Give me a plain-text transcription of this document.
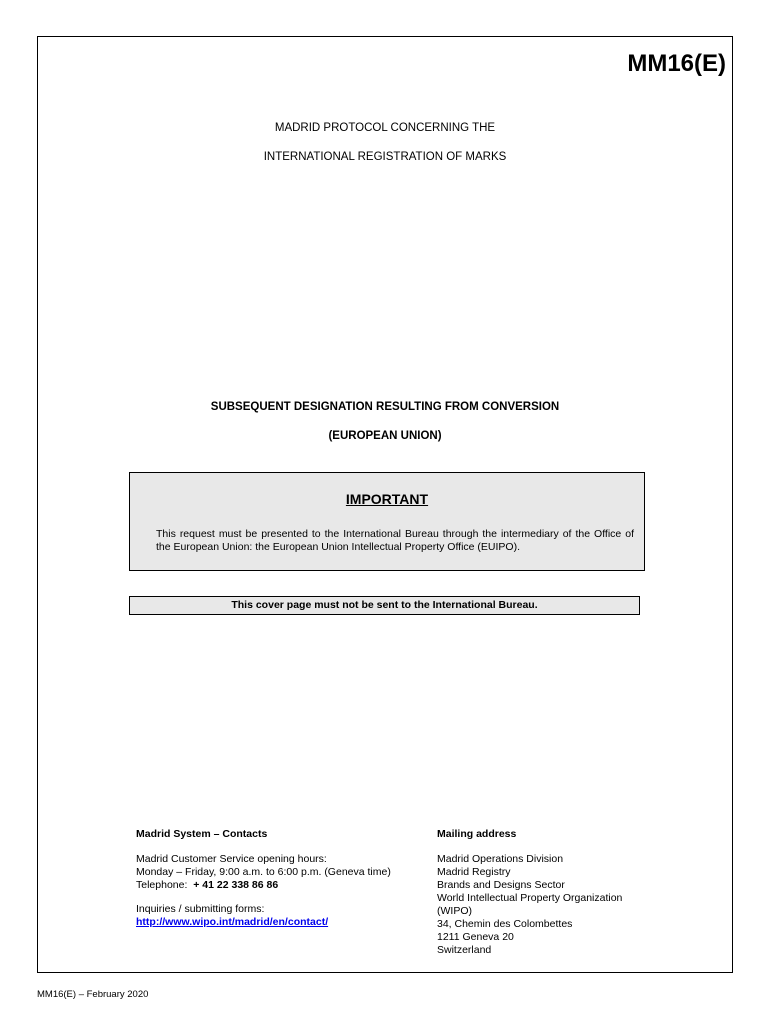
MM16(E)
MADRID PROTOCOL CONCERNING THE
INTERNATIONAL REGISTRATION OF MARKS
SUBSEQUENT DESIGNATION RESULTING FROM CONVERSION
(EUROPEAN UNION)
IMPORTANT
This request must be presented to the International Bureau through the intermediary of the Office of the European Union: the European Union Intellectual Property Office (EUIPO).
This cover page must not be sent to the International Bureau.
Madrid System – Contacts
Madrid Customer Service opening hours:
Monday – Friday, 9:00 a.m. to 6:00 p.m. (Geneva time)
Telephone: + 41 22 338 86 86
Inquiries / submitting forms:
http://www.wipo.int/madrid/en/contact/
Mailing address
Madrid Operations Division
Madrid Registry
Brands and Designs Sector
World Intellectual Property Organization
(WIPO)
34, Chemin des Colombettes
1211 Geneva 20
Switzerland
MM16(E) – February 2020
